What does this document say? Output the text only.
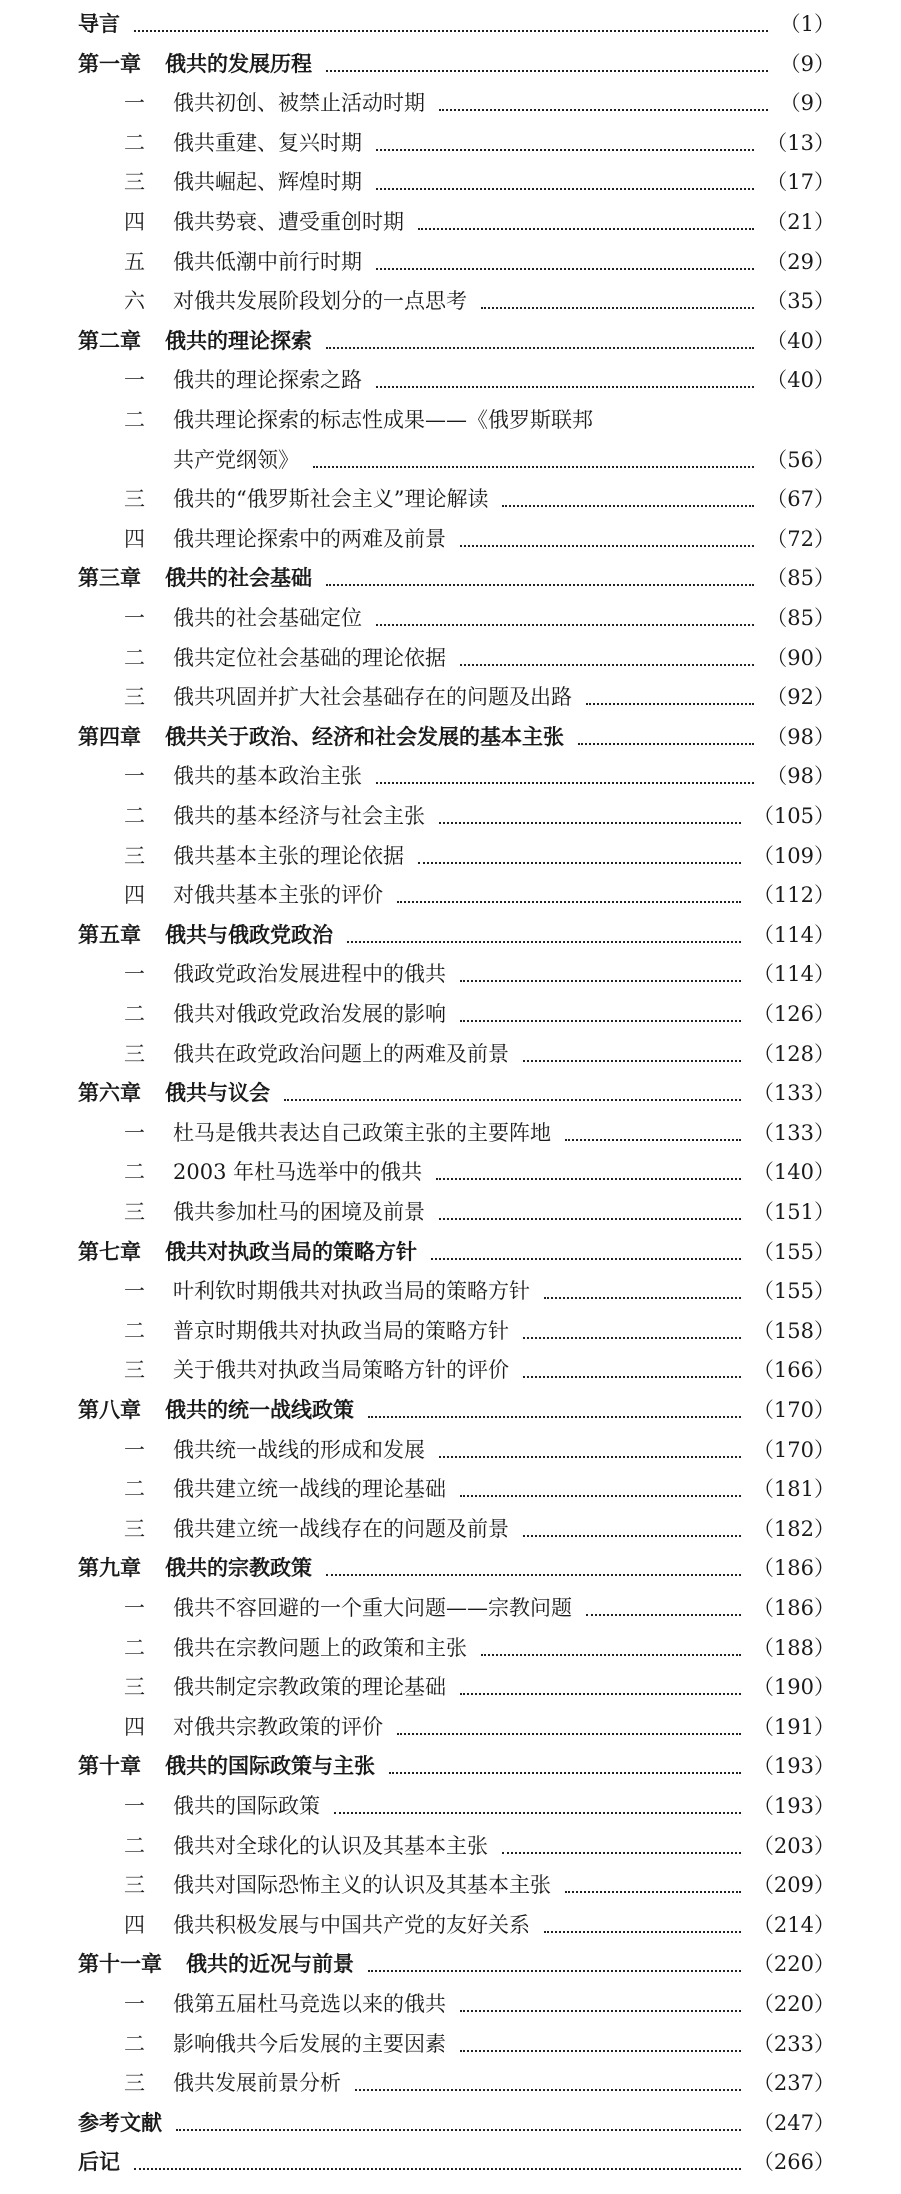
导言	（1）
第一章 俄共的发展历程	（9）
一 俄共初创、被禁止活动时期	（9）
二 俄共重建、复兴时期	（13）
三 俄共崛起、辉煌时期	（17）
四 俄共势衰、遭受重创时期	（21）
五 俄共低潮中前行时期	（29）
六 对俄共发展阶段划分的一点思考	（35）
第二章 俄共的理论探索	（40）
一 俄共的理论探索之路	（40）
二 俄共理论探索的标志性成果——《俄罗斯联邦
共产党纲领》	（56）
三 俄共的“俄罗斯社会主义”理论解读	（67）
四 俄共理论探索中的两难及前景	（72）
第三章 俄共的社会基础	（85）
一 俄共的社会基础定位	（85）
二 俄共定位社会基础的理论依据	（90）
三 俄共巩固并扩大社会基础存在的问题及出路	（92）
第四章 俄共关于政治、经济和社会发展的基本主张	（98）
一 俄共的基本政治主张	（98）
二 俄共的基本经济与社会主张	（105）
三 俄共基本主张的理论依据	（109）
四 对俄共基本主张的评价	（112）
第五章 俄共与俄政党政治	（114）
一 俄政党政治发展进程中的俄共	（114）
二 俄共对俄政党政治发展的影响	（126）
三 俄共在政党政治问题上的两难及前景	（128）
第六章 俄共与议会	（133）
一 杜马是俄共表达自己政策主张的主要阵地	（133）
二 2003 年杜马选举中的俄共	（140）
三 俄共参加杜马的困境及前景	（151）
第七章 俄共对执政当局的策略方针	（155）
一 叶利钦时期俄共对执政当局的策略方针	（155）
二 普京时期俄共对执政当局的策略方针	（158）
三 关于俄共对执政当局策略方针的评价	（166）
第八章 俄共的统一战线政策	（170）
一 俄共统一战线的形成和发展	（170）
二 俄共建立统一战线的理论基础	（181）
三 俄共建立统一战线存在的问题及前景	（182）
第九章 俄共的宗教政策	（186）
一 俄共不容回避的一个重大问题——宗教问题	（186）
二 俄共在宗教问题上的政策和主张	（188）
三 俄共制定宗教政策的理论基础	（190）
四 对俄共宗教政策的评价	（191）
第十章 俄共的国际政策与主张	（193）
一 俄共的国际政策	（193）
二 俄共对全球化的认识及其基本主张	（203）
三 俄共对国际恐怖主义的认识及其基本主张	（209）
四 俄共积极发展与中国共产党的友好关系	（214）
第十一章 俄共的近况与前景	（220）
一 俄第五届杜马竞选以来的俄共	（220）
二 影响俄共今后发展的主要因素	（233）
三 俄共发展前景分析	（237）
参考文献	（247）
后记	（266）
